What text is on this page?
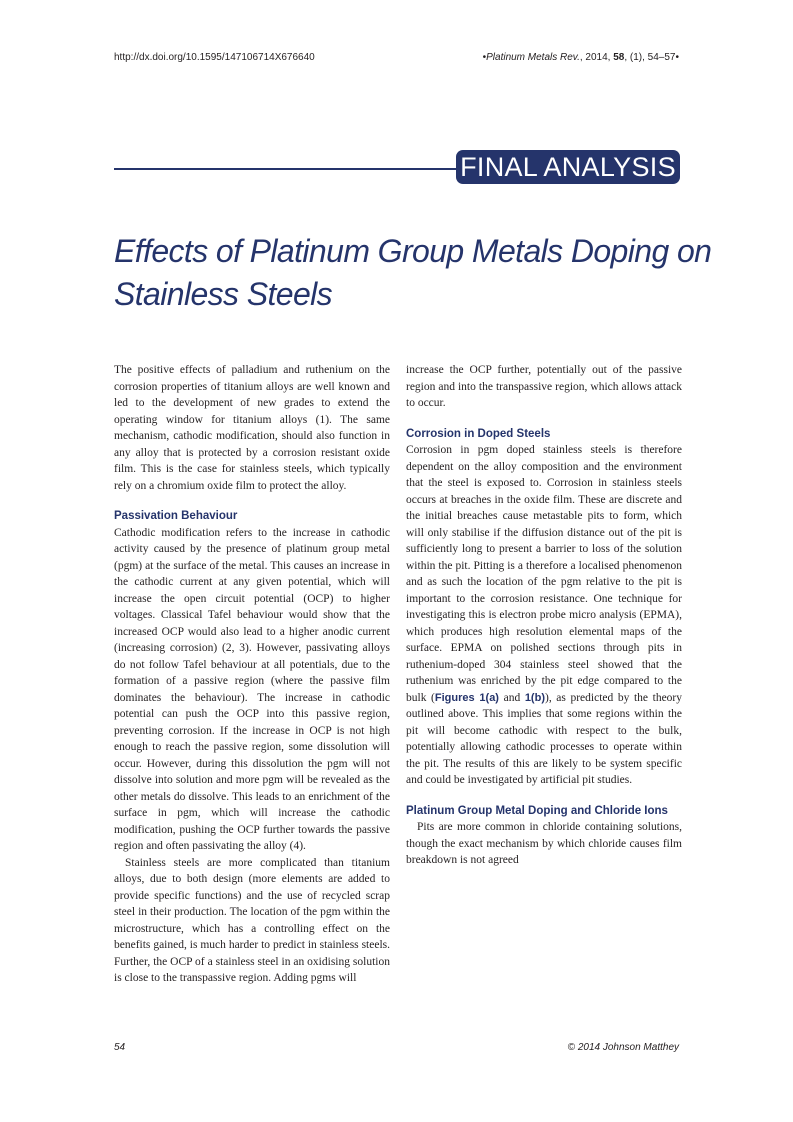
http://dx.doi.org/10.1595/147106714X676640	•Platinum Metals Rev., 2014, 58, (1), 54–57•
FINAL ANALYSIS
Effects of Platinum Group Metals Doping on Stainless Steels

The positive effects of palladium and ruthenium on the corrosion properties of titanium alloys are well known and led to the development of new grades to extend the operating window for titanium alloys (1). The same mechanism, cathodic modification, should also function in any alloy that is protected by a corrosion resistant oxide film. This is the case for stainless steels, which typically rely on a chromium oxide film to protect the alloy.

Passivation Behaviour

Cathodic modification refers to the increase in cathodic activity caused by the presence of platinum group metal (pgm) at the surface of the metal. This causes an increase in the cathodic current at any given potential, which will increase the open circuit potential (OCP) to higher voltages. Classical Tafel behaviour would show that the increased OCP would also lead to a higher anodic current (increasing corrosion) (2, 3). However, passivating alloys do not follow Tafel behaviour at all potentials, due to the formation of a passive region (where the passive film dominates the behaviour). The increase in cathodic potential can push the OCP into this passive region, preventing corrosion. If the increase in OCP is not high enough to reach the passive region, some dissolution will occur. However, during this dissolution the pgm will not dissolve into solution and more pgm will be revealed as the other metals do dissolve. This leads to an enrichment of the surface in pgm, which will increase the cathodic modification, pushing the OCP further towards the passive region and often passivating the alloy (4).

Stainless steels are more complicated than titanium alloys, due to both design (more elements are added to provide specific functions) and the use of recycled scrap steel in their production. The location of the pgm within the microstructure, which has a controlling effect on the benefits gained, is much harder to predict in stainless steels. Further, the OCP of a stainless steel in an oxidising solution is close to the transpassive region. Adding pgms will

increase the OCP further, potentially out of the passive region and into the transpassive region, which allows attack to occur.

Corrosion in Doped Steels

Corrosion in pgm doped stainless steels is therefore dependent on the alloy composition and the environment that the steel is exposed to. Corrosion in stainless steels occurs at breaches in the oxide film. These are discrete and the initial breaches cause metastable pits to form, which will only stabilise if the diffusion distance out of the pit is sufficiently long to present a barrier to loss of the solution within the pit. Pitting is a therefore a localised phenomenon and as such the location of the pgm relative to the pit is important to the corrosion resistance. One technique for investigating this is electron probe micro analysis (EPMA), which produces high resolution elemental maps of the surface. EPMA on polished sections through pits in ruthenium-doped 304 stainless steel showed that the ruthenium was enriched by the pit edge compared to the bulk (Figures 1(a) and 1(b)), as predicted by the theory outlined above. This implies that some regions within the pit will become cathodic with respect to the bulk, potentially allowing cathodic processes to operate within the pit. The results of this are likely to be system specific and could be investigated by artificial pit studies.

Platinum Group Metal Doping and Chloride Ions

Pits are more common in chloride containing solutions, though the exact mechanism by which chloride causes film breakdown is not agreed

54	© 2014 Johnson Matthey
